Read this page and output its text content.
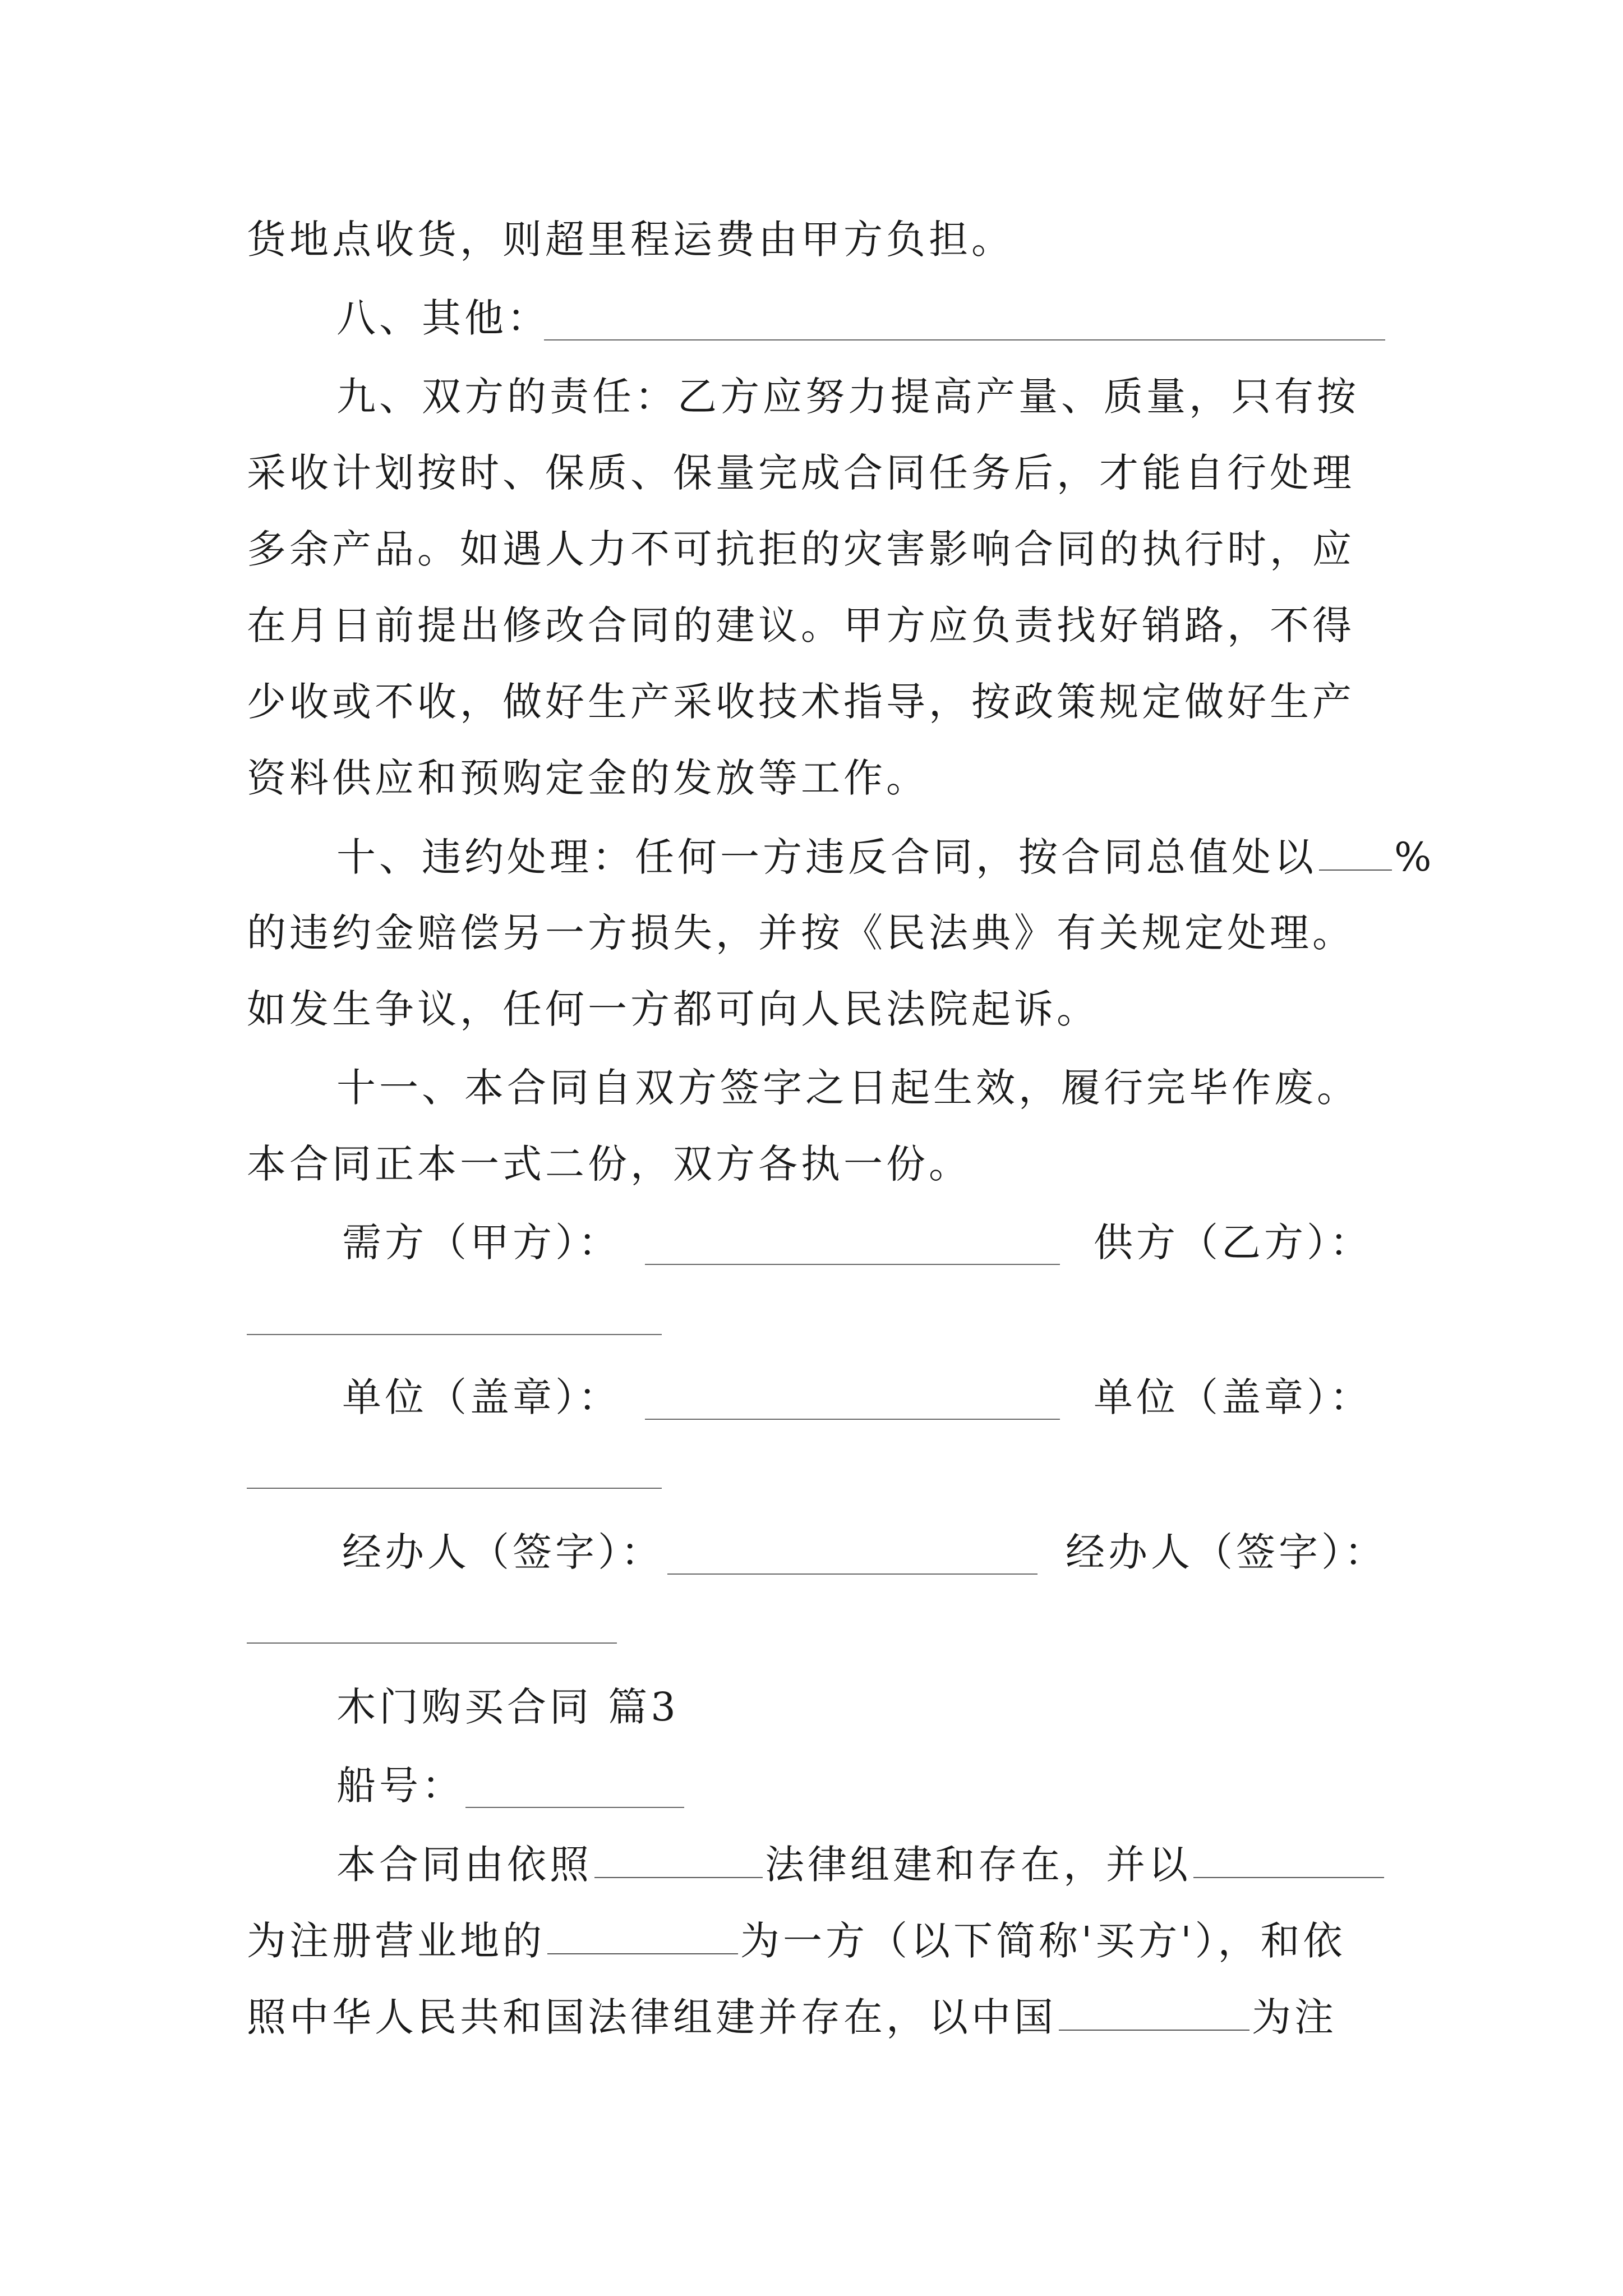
货地点收货，则超里程运费由甲方负担。
八、其他：
九、双方的责任：乙方应努力提高产量、质量，只有按
采收计划按时、保质、保量完成合同任务后，才能自行处理
多余产品。如遇人力不可抗拒的灾害影响合同的执行时，应
在月日前提出修改合同的建议。甲方应负责找好销路，不得
少收或不收，做好生产采收技术指导，按政策规定做好生产
资料供应和预购定金的发放等工作。
十、违约处理：任何一方违反合同，按合同总值处以 %
的违约金赔偿另一方损失，并按《民法典》有关规定处理。
如发生争议，任何一方都可向人民法院起诉。
十一、本合同自双方签字之日起生效，履行完毕作废。
本合同正本一式二份，双方各执一份。
需方（甲方）：	供方（乙方）：
单位（盖章）：	单位（盖章）：
经办人（签字）：	经办人（签字）：
木门购买合同 篇3
船号：
本合同由依照	法律组建和存在，并以
为注册营业地的	为一方（以下简称'买方'），和依
照中华人民共和国法律组建并存在，以中国	为注
